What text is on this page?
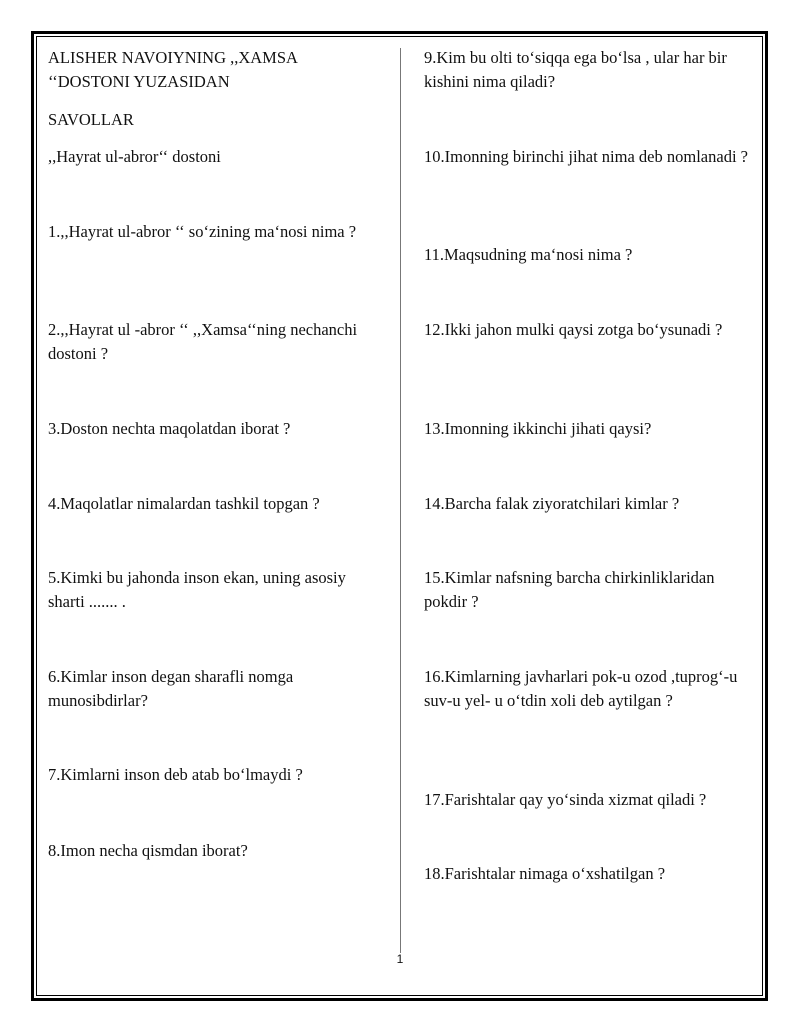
ALISHER NAVOIYNING ,,XAMSA ‘‘DOSTONI YUZASIDAN

SAVOLLAR

,,Hayrat ul-abror‘‘ dostoni

1.,,Hayrat ul-abror ‘‘ so‘zining ma‘nosi nima ?

2.,,Hayrat ul -abror ‘‘ ,,Xamsa‘‘ning nechanchi dostoni ?

3.Doston nechta maqolatdan iborat ?

4.Maqolatlar nimalardan tashkil topgan ?

5.Kimki bu jahonda inson ekan, uning asosiy sharti ....... .

6.Kimlar inson degan sharafli nomga munosibdirlar?

7.Kimlarni inson deb atab bo‘lmaydi ?

8.Imon necha qismdan iborat?

9.Kim bu olti to‘siqqa ega bo‘lsa , ular har bir kishini nima qiladi?

10.Imonning birinchi jihat nima deb nomlanadi ?

11.Maqsudning ma‘nosi nima ?

12.Ikki jahon mulki qaysi zotga bo‘ysunadi ?

13.Imonning ikkinchi jihati qaysi?

14.Barcha falak ziyoratchilari kimlar ?

15.Kimlar nafsning barcha chirkinliklaridan pokdir ?

16.Kimlarning javharlari pok-u ozod ,tuprog‘-u suv-u yel- u o‘tdin xoli deb aytilgan ?

17.Farishtalar qay yo‘sinda xizmat qiladi ?

18.Farishtalar nimaga o‘xshatilgan ?

1
